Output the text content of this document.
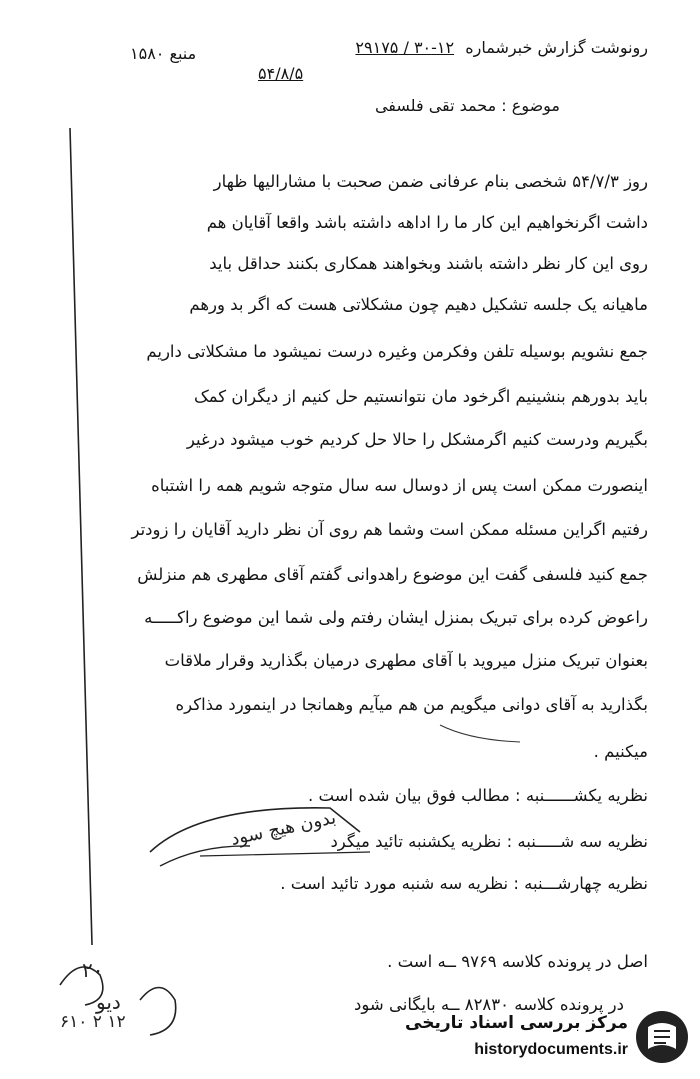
رونوشت گزارش خبرشماره ۱۲-۳۰ / ۲۹۱۷۵
منبع ۱۵۸۰
۵۴/۸/۵
موضوع : محمد تقی فلسفی
روز ۵۴/۷/۳ شخصی بنام عرفانی ضمن صحبت با مشارالیها ظهار
داشت اگرنخواهیم این کار ما را اداهه داشته باشد واقعا آقایان هم
روی این کار نظر داشته باشند وبخواهند همکاری بکنند حداقل باید
ماهیانه یک جلسه تشکیل دهیم چون مشکلاتی هست که اگر بد ورهم
جمع نشویم بوسیله تلفن وفکرمن وغیره درست نمیشود ما مشکلاتی داریم
باید بدورهم بنشینیم اگرخود مان نتوانستیم حل کنیم از دیگران کمک
بگیریم ودرست کنیم اگرمشکل را حالا حل کردیم خوب میشود درغیر
اینصورت ممکن است پس از دوسال سه سال متوجه شویم همه را اشتباه
رفتیم اگراین مسئله ممکن است وشما هم روی آن نظر دارید آقایان را زودتر
جمع کنید فلسفی گفت این موضوع راهدوانی گفتم آقای مطهری هم منزلش
راعوض کرده برای تبریک بمنزل ایشان رفتم ولی شما این موضوع راکـــــه
بعنوان تبریک منزل میروید با آقای مطهری درمیان بگذارید وقرار ملاقات
بگذارید به آقای دوانی میگویم من هم میآیم وهمانجا در اینمورد مذاکره
میکنیم .
نظریه یکشــــــنبه : مطالب فوق بیان شده است .
نظریه سه شـــــنبه : نظریه یکشنبه تائید میگرد
نظریه چهارشـــنبه : نظریه سه شنبه مورد تائید است .
بدون هیچ سود
اصل در پرونده کلاسه ۹۷۶۹ ــه است .
در پرونده کلاسه ۸۲۸۳۰ ــه بایگانی شود
۲۰
دیو
۶۱۰ ۲ ۱۲	مرکز بررسی اسناد تاریخی
historydocuments.ir
